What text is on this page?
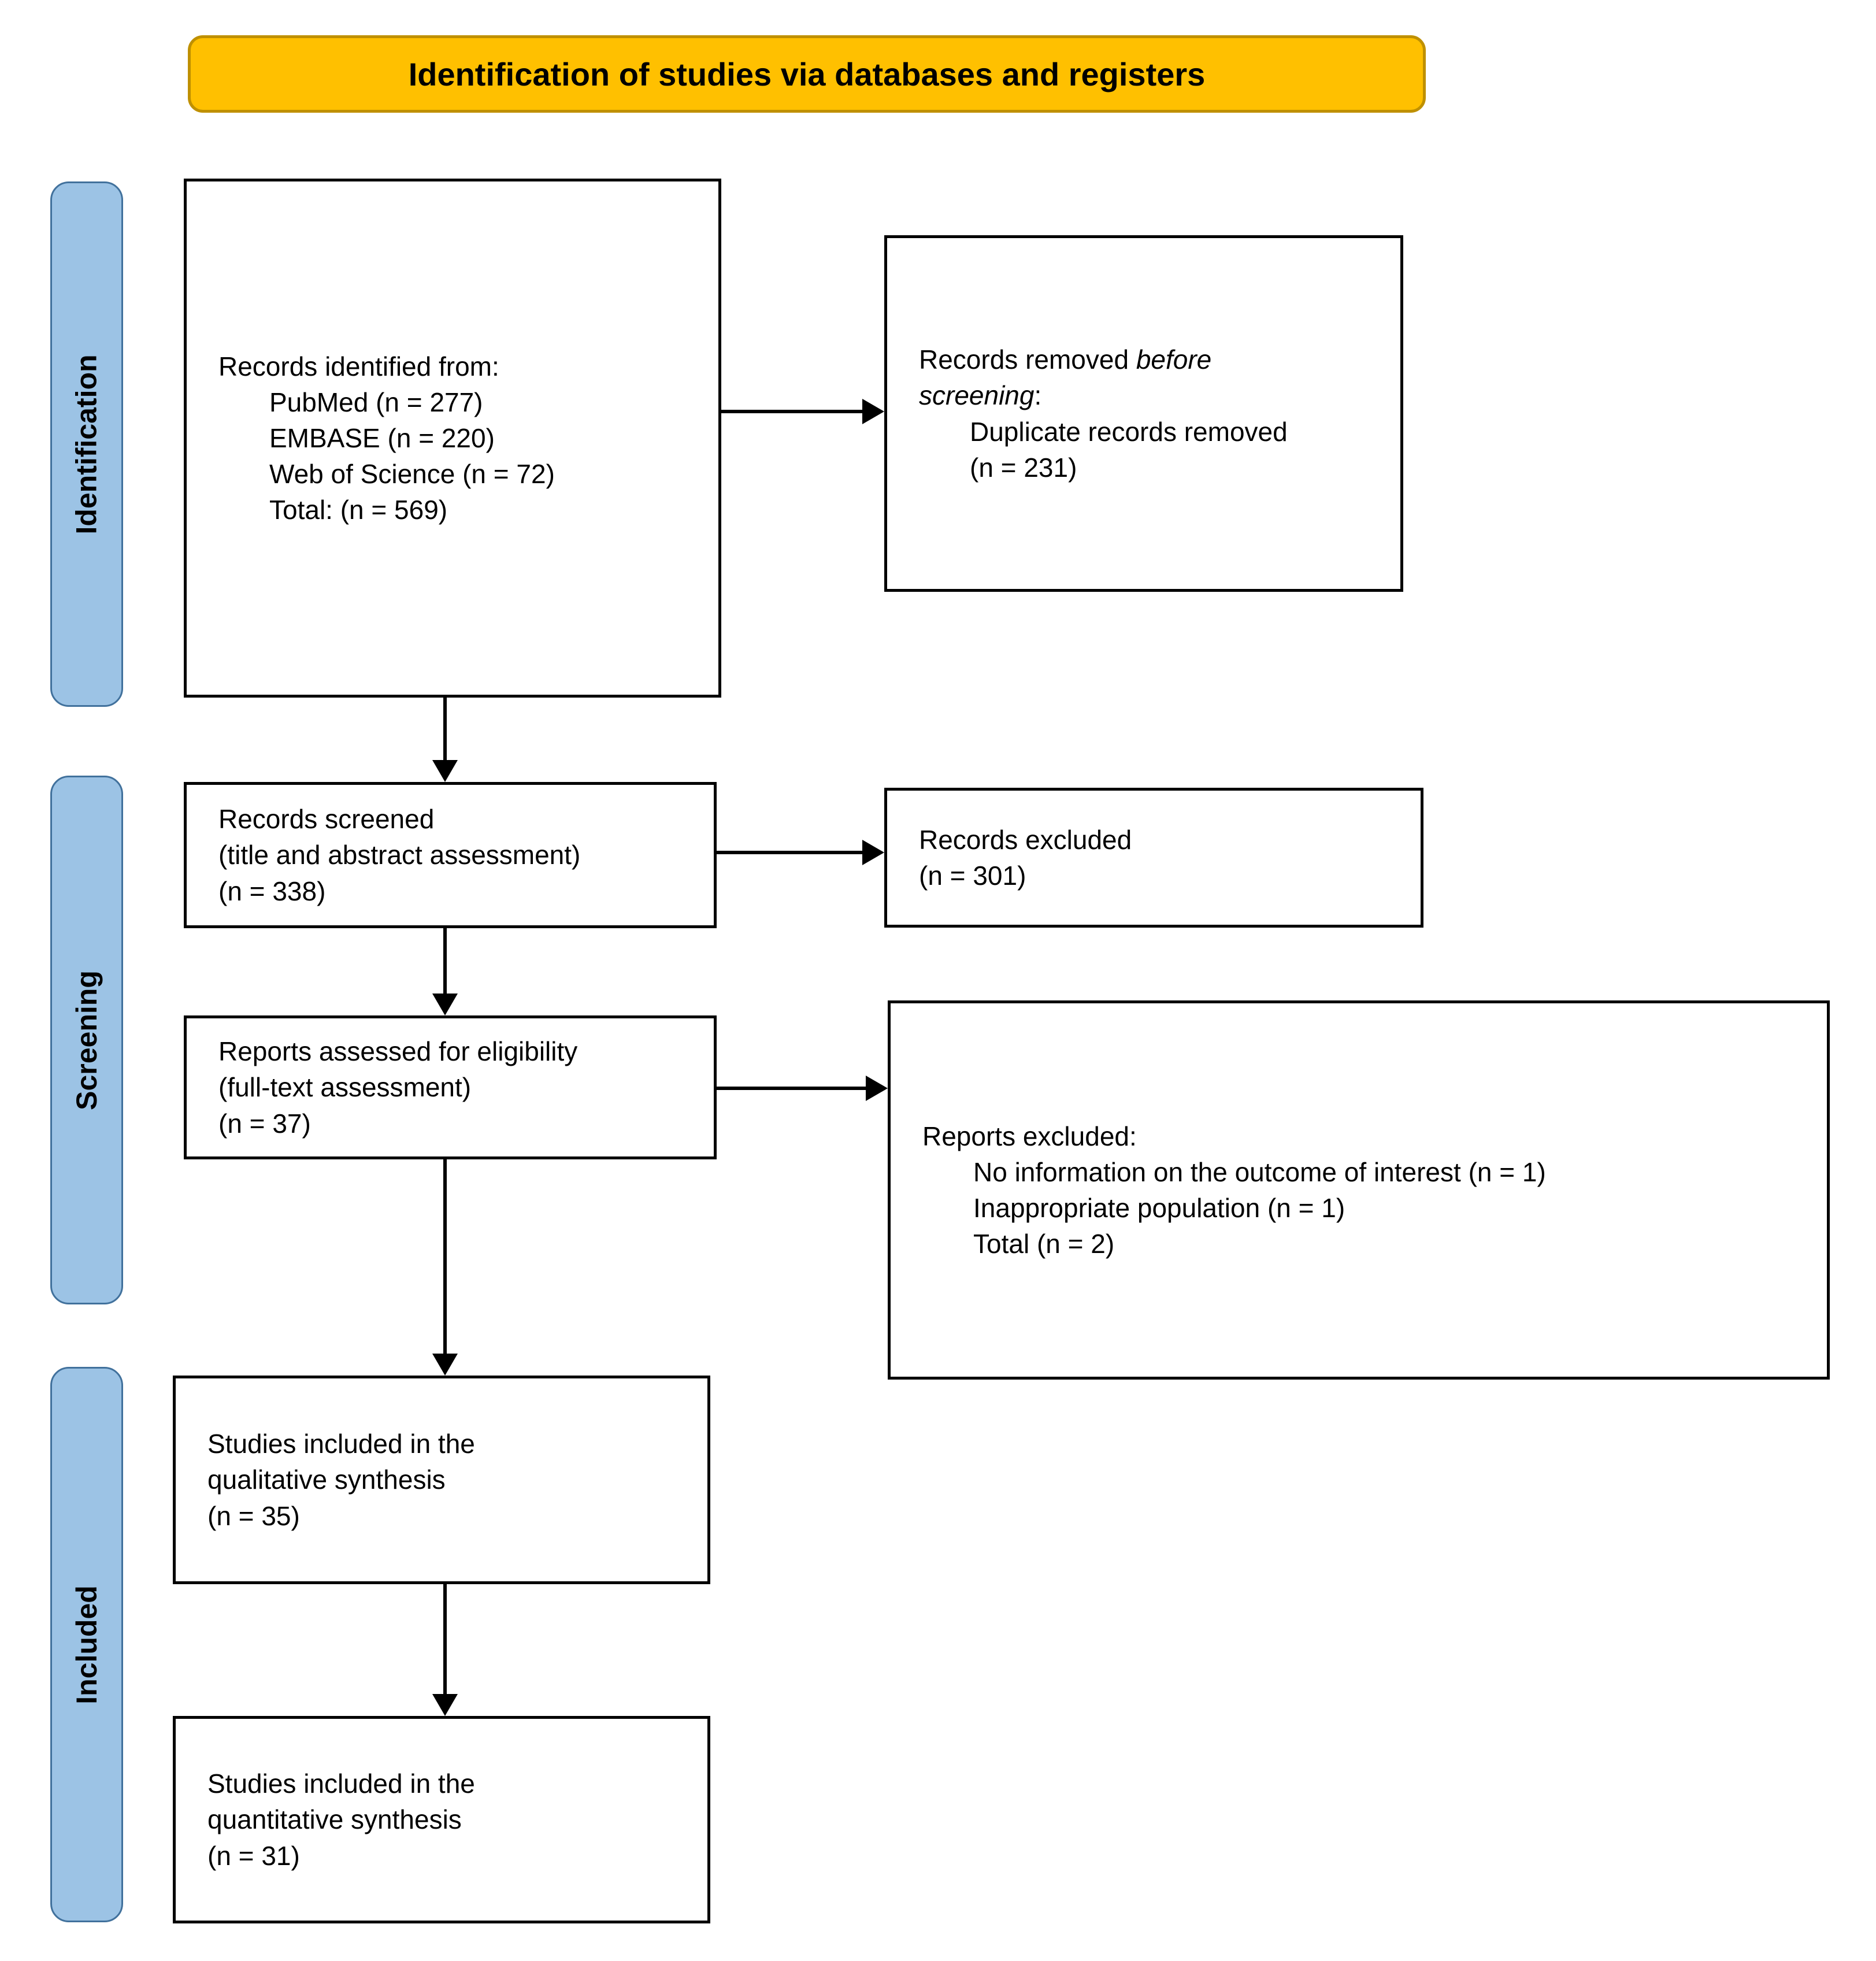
Identification of studies via databases and registers
Identification
Screening
Included
Records identified from:
PubMed (n = 277)
EMBASE (n = 220)
Web of Science (n = 72)
Total: (n = 569)
Records removed before
screening:
Duplicate records removed
(n = 231)
Records screened
(title and abstract assessment)
(n = 338)
Records excluded
(n = 301)
Reports assessed for eligibility
(full-text assessment)
(n = 37)	Reports excluded:
No information on the outcome of interest (n = 1)
Inappropriate population (n = 1)
Total (n = 2)
Studies included in the
qualitative synthesis
(n = 35)
Studies included in the
quantitative synthesis
(n = 31)
